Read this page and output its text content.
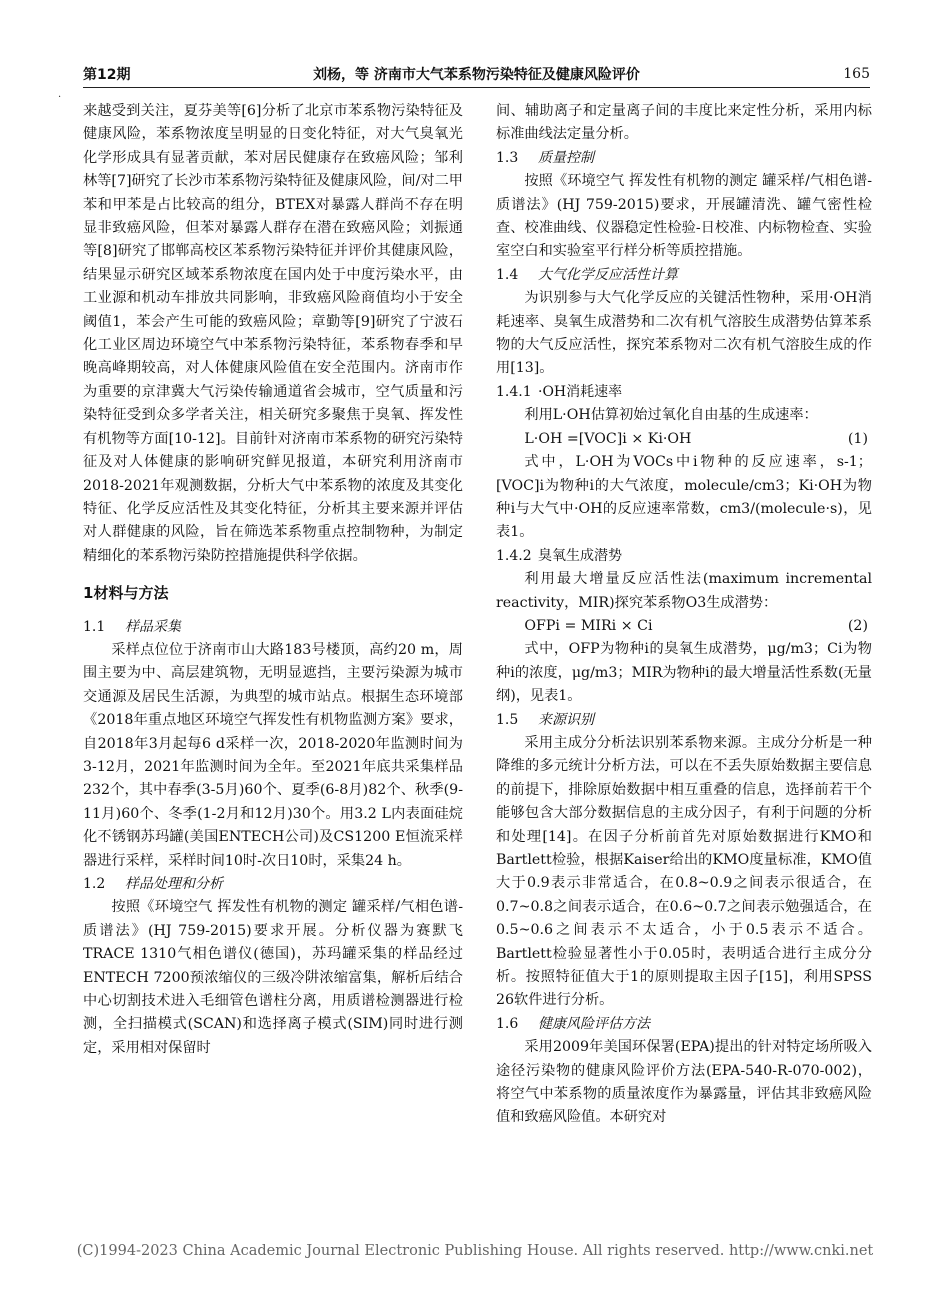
第12期	刘杨，等 济南市大气苯系物污染特征及健康风险评价	165
·

来越受到关注，夏芬美等[6]分析了北京市苯系物污染特征及健康风险，苯系物浓度呈明显的日变化特征，对大气臭氧光化学形成具有显著贡献，苯对居民健康存在致癌风险；邹利林等[7]研究了长沙市苯系物污染特征及健康风险，间/对二甲苯和甲苯是占比较高的组分，BTEX对暴露人群尚不存在明显非致癌风险，但苯对暴露人群存在潜在致癌风险；刘振通等[8]研究了邯郸高校区苯系物污染特征并评价其健康风险，结果显示研究区域苯系物浓度在国内处于中度污染水平，由工业源和机动车排放共同影响，非致癌风险商值均小于安全阈值1，苯会产生可能的致癌风险；章勤等[9]研究了宁波石化工业区周边环境空气中苯系物污染特征，苯系物春季和早晚高峰期较高，对人体健康风险值在安全范围内。济南市作为重要的京津冀大气污染传输通道省会城市，空气质量和污染特征受到众多学者关注，相关研究多聚焦于臭氧、挥发性有机物等方面[10-12]。目前针对济南市苯系物的研究污染特征及对人体健康的影响研究鲜见报道，本研究利用济南市2018-2021年观测数据，分析大气中苯系物的浓度及其变化特征、化学反应活性及其变化特征，分析其主要来源并评估对人群健康的风险，旨在筛选苯系物重点控制物种，为制定精细化的苯系物污染防控措施提供科学依据。

1材料与方法
1.1 样品采集

采样点位位于济南市山大路183号楼顶，高约20 m，周围主要为中、高层建筑物，无明显遮挡，主要污染源为城市交通源及居民生活源，为典型的城市站点。根据生态环境部《2018年重点地区环境空气挥发性有机物监测方案》要求，自2018年3月起每6 d采样一次，2018-2020年监测时间为3-12月，2021年监测时间为全年。至2021年底共采集样品232个，其中春季(3-5月)60个、夏季(6-8月)82个、秋季(9-11月)60个、冬季(1-2月和12月)30个。用3.2 L内表面硅烷化不锈钢苏玛罐(美国ENTECH公司)及CS1200 E恒流采样器进行采样，采样时间10时-次日10时，采集24 h。

1.2 样品处理和分析

按照《环境空气 挥发性有机物的测定 罐采样/气相色谱-质谱法》(HJ 759-2015)要求开展。分析仪器为赛默飞TRACE 1310气相色谱仪(德国)，苏玛罐采集的样品经过ENTECH 7200预浓缩仪的三级冷阱浓缩富集，解析后结合中心切割技术进入毛细管色谱柱分离，用质谱检测器进行检测，全扫描模式(SCAN)和选择离子模式(SIM)同时进行测定，采用相对保留时

间、辅助离子和定量离子间的丰度比来定性分析，采用内标标准曲线法定量分析。

1.3 质量控制

按照《环境空气 挥发性有机物的测定 罐采样/气相色谱-质谱法》(HJ 759-2015)要求，开展罐清洗、罐气密性检查、校准曲线、仪器稳定性检验-日校准、内标物检查、实验室空白和实验室平行样分析等质控措施。

1.4 大气化学反应活性计算

为识别参与大气化学反应的关键活性物种，采用·OH消耗速率、臭氧生成潜势和二次有机气溶胶生成潜势估算苯系物的大气反应活性，探究苯系物对二次有机气溶胶生成的作用[13]。

1.4.1 ·OH消耗速率

利用L·OH估算初始过氧化自由基的生成速率：

L·OH =[VOC]i × Ki·OH	(1)

式中，L·OH为VOCs中i物种的反应速率，s-1；[VOC]i为物种i的大气浓度，molecule/cm3；Ki·OH为物种i与大气中·OH的反应速率常数，cm3/(molecule·s)，见表1。

1.4.2 臭氧生成潜势

利用最大增量反应活性法(maximum incremental reactivity，MIR)探究苯系物O3生成潜势：

OFPi = MIRi × Ci	(2)

式中，OFP为物种i的臭氧生成潜势，μg/m3；Ci为物种i的浓度，μg/m3；MIR为物种i的最大增量活性系数(无量纲)，见表1。

1.5 来源识别

采用主成分分析法识别苯系物来源。主成分分析是一种降维的多元统计分析方法，可以在不丢失原始数据主要信息的前提下，排除原始数据中相互重叠的信息，选择前若干个能够包含大部分数据信息的主成分因子，有利于问题的分析和处理[14]。在因子分析前首先对原始数据进行KMO和Bartlett检验，根据Kaiser给出的KMO度量标准，KMO值大于0.9表示非常适合，在0.8~0.9之间表示很适合，在0.7~0.8之间表示适合，在0.6~0.7之间表示勉强适合，在0.5~0.6之间表示不太适合，小于0.5表示不适合。Bartlett检验显著性小于0.05时，表明适合进行主成分分析。按照特征值大于1的原则提取主因子[15]，利用SPSS 26软件进行分析。

1.6 健康风险评估方法

采用2009年美国环保署(EPA)提出的针对特定场所吸入途径污染物的健康风险评价方法(EPA-540-R-070-002)，将空气中苯系物的质量浓度作为暴露量，评估其非致癌风险值和致癌风险值。本研究对

(C)1994-2023 China Academic Journal Electronic Publishing House. All rights reserved. http://www.cnki.net
